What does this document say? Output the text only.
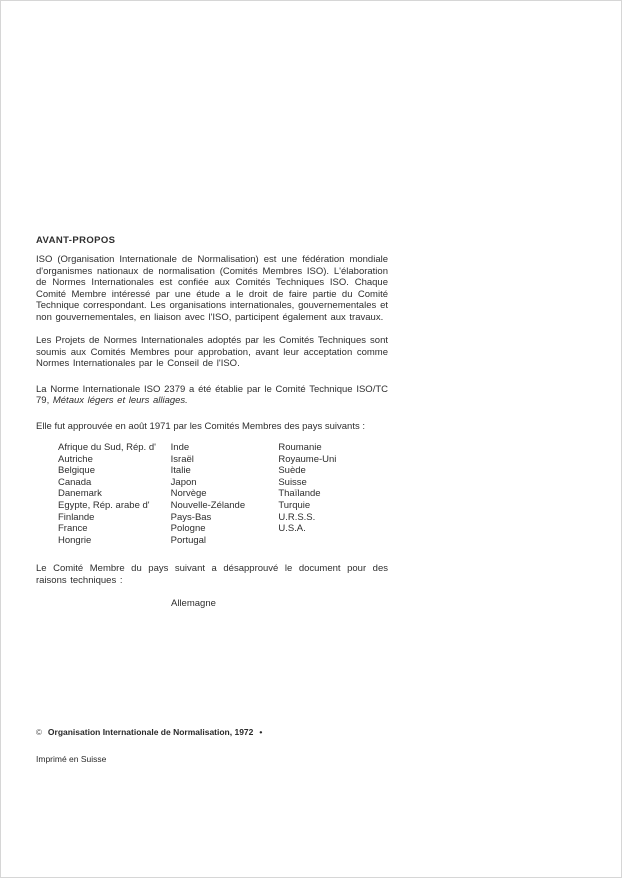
AVANT-PROPOS

ISO (Organisation Internationale de Normalisation) est une fédération mondiale d'organismes nationaux de normalisation (Comités Membres ISO). L'élaboration de Normes Internationales est confiée aux Comités Techniques ISO. Chaque Comité Membre intéressé par une étude a le droit de faire partie du Comité Technique correspondant. Les organisations internationales, gouvernementales et non gouvernementales, en liaison avec l'ISO, participent également aux travaux.

Les Projets de Normes Internationales adoptés par les Comités Techniques sont soumis aux Comités Membres pour approbation, avant leur acceptation comme Normes Internationales par le Conseil de l'ISO.

La Norme Internationale ISO 2379 a été établie par le Comité Technique ISO/TC 79, Métaux légers et leurs alliages.

Elle fut approuvée en août 1971 par les Comités Membres des pays suivants :
Afrique du Sud, Rép. d'
Autriche
Belgique
Canada
Danemark
Egypte, Rép. arabe d'
Finlande
France
Hongrie
Inde
Israël
Italie
Japon
Norvège
Nouvelle-Zélande
Pays-Bas
Pologne
Portugal
Roumanie
Royaume-Uni
Suède
Suisse
Thaïlande
Turquie
U.R.S.S.
U.S.A.

Le Comité Membre du pays suivant a désapprouvé le document pour des raisons techniques :

Allemagne
© Organisation Internationale de Normalisation, 1972 •
Imprimé en Suisse
